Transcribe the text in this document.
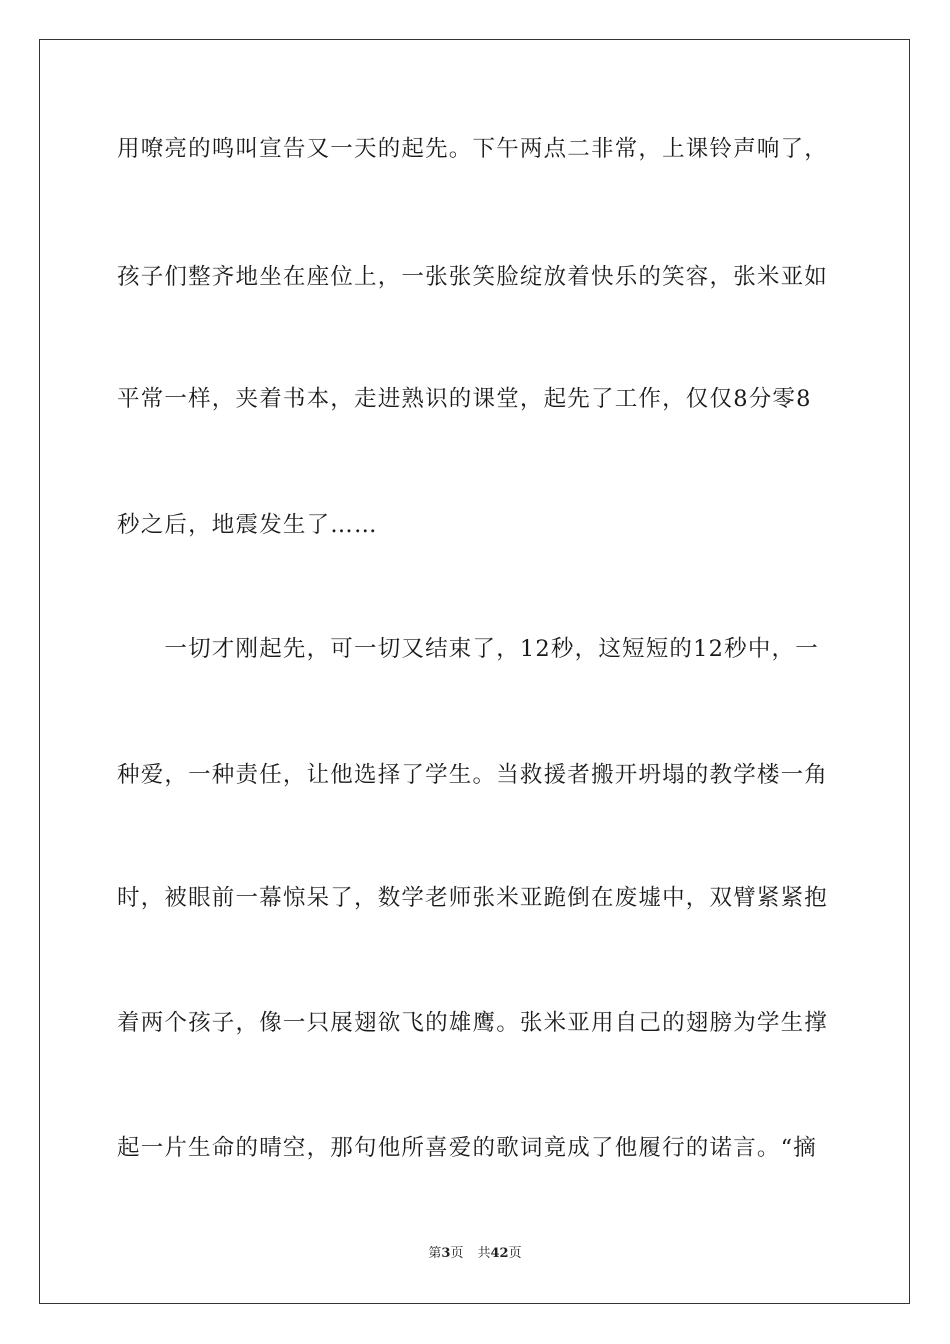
用嘹亮的鸣叫宣告又一天的起先。下午两点二非常，上课铃声响了，
孩子们整齐地坐在座位上，一张张笑脸绽放着快乐的笑容，张米亚如
平常一样，夹着书本，走进熟识的课堂，起先了工作，仅仅8分零8
秒之后，地震发生了……
　　一切才刚起先，可一切又结束了，12秒，这短短的12秒中，一
种爱，一种责任，让他选择了学生。当救援者搬开坍塌的教学楼一角
时，被眼前一幕惊呆了，数学老师张米亚跪倒在废墟中，双臂紧紧抱
着两个孩子，像一只展翅欲飞的雄鹰。张米亚用自己的翅膀为学生撑
起一片生命的晴空，那句他所喜爱的歌词竟成了他履行的诺言。“摘
第3页 共42页
